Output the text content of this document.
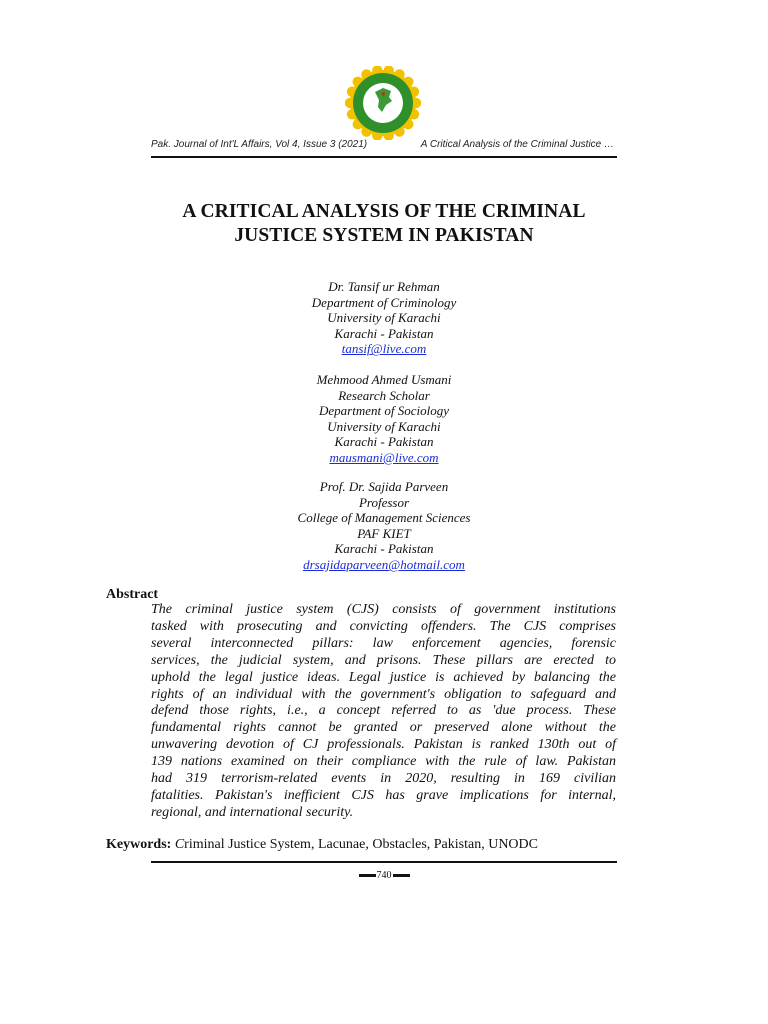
Pak. Journal of Int'L Affairs, Vol 4, Issue 3 (2021)	A Critical Analysis of the Criminal Justice …
A CRITICAL ANALYSIS OF THE CRIMINAL
JUSTICE SYSTEM IN PAKISTAN
Dr. Tansif ur Rehman
Department of Criminology
University of Karachi
Karachi - Pakistan
tansif@live.com
Mehmood Ahmed Usmani
Research Scholar
Department of Sociology
University of Karachi
Karachi - Pakistan
mausmani@live.com
Prof. Dr. Sajida Parveen
Professor
College of Management Sciences
PAF KIET
Karachi - Pakistan
drsajidaparveen@hotmail.com
Abstract
The criminal justice system (CJS) consists of government institutions
tasked with prosecuting and convicting offenders. The CJS comprises
several interconnected pillars: law enforcement agencies, forensic
services, the judicial system, and prisons. These pillars are erected to
uphold the legal justice ideas. Legal justice is achieved by balancing the
rights of an individual with the government's obligation to safeguard and
defend those rights, i.e., a concept referred to as 'due process. These
fundamental rights cannot be granted or preserved alone without the
unwavering devotion of CJ professionals. Pakistan is ranked 130th out of
139 nations examined on their compliance with the rule of law. Pakistan
had 319 terrorism-related events in 2020, resulting in 169 civilian
fatalities. Pakistan's inefficient CJS has grave implications for internal,
regional, and international security.
Keywords: Criminal Justice System, Lacunae, Obstacles, Pakistan, UNODC
740
